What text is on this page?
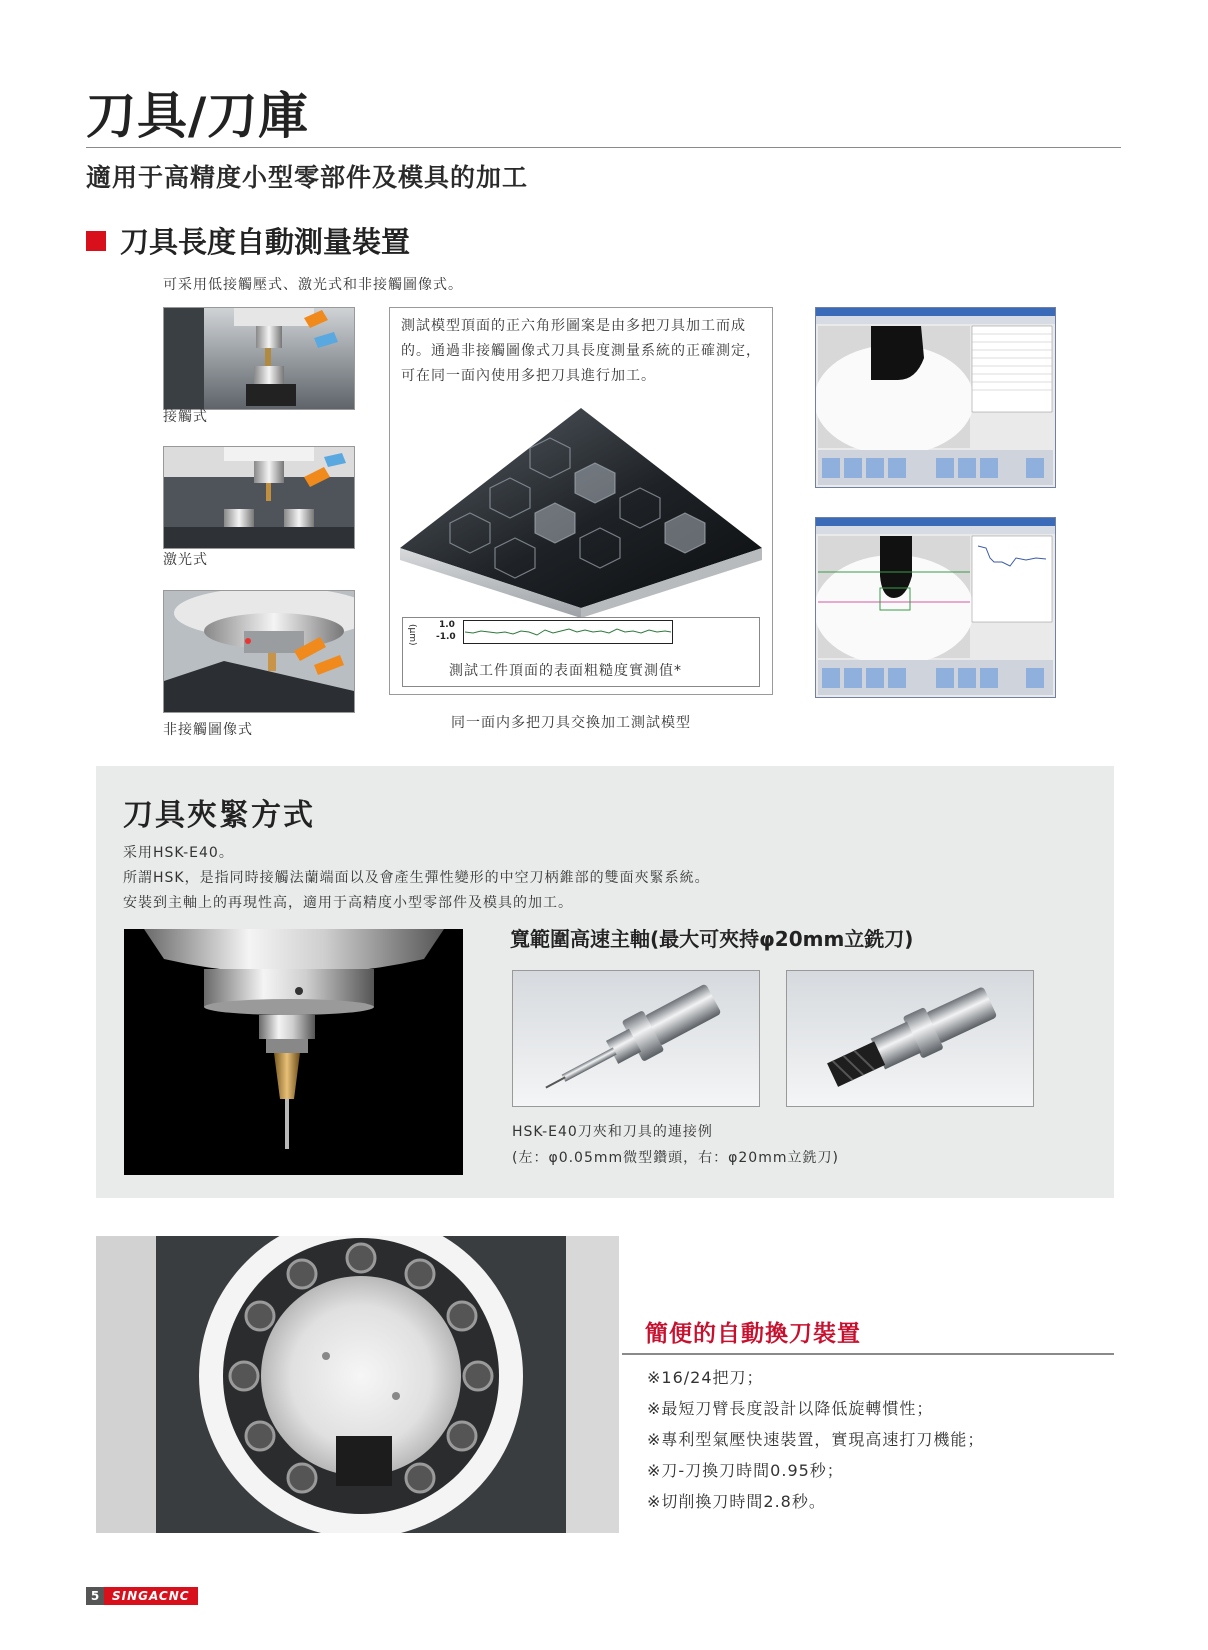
刀具/刀庫
適用于高精度小型零部件及模具的加工
刀具長度自動測量裝置
可采用低接觸壓式、激光式和非接觸圖像式。
接觸式
激光式
非接觸圖像式
測試模型頂面的正六角形圖案是由多把刀具加工而成的。通過非接觸圖像式刀具長度測量系統的正確測定，可在同一面內使用多把刀具進行加工。
(μm) 1.0
-1.0
測試工件頂面的表面粗糙度實測值*
同一面内多把刀具交換加工測試模型
刀具夾緊方式
采用HSK-E40。
所謂HSK，是指同時接觸法蘭端面以及會產生彈性變形的中空刀柄錐部的雙面夾緊系統。
安裝到主軸上的再現性高，適用于高精度小型零部件及模具的加工。
寬範圍高速主軸(最大可夾持φ20mm立銑刀)
HSK-E40刀夾和刀具的連接例
(左：φ0.05mm微型鑽頭，右：φ20mm立銑刀)
簡便的自動換刀裝置
※16/24把刀；
※最短刀臂長度設計以降低旋轉慣性；
※專利型氣壓快速裝置，實現高速打刀機能；
※刀-刀換刀時間0.95秒；
※切削換刀時間2.8秒。
5	SINGACNC
